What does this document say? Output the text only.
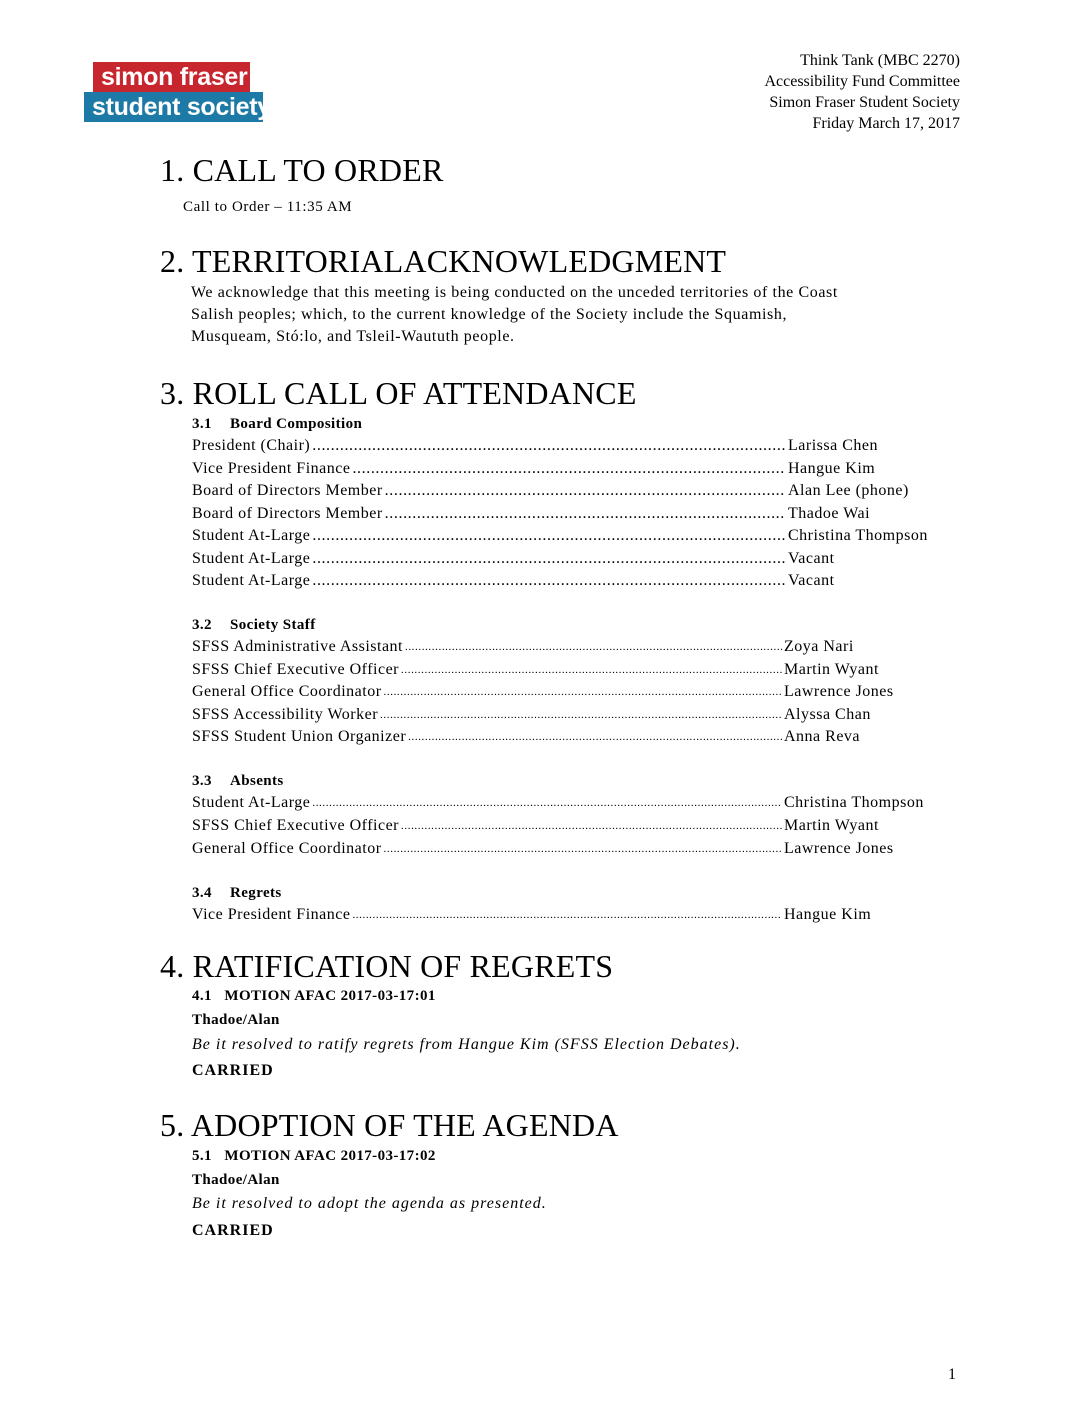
simon fraser
student society
Think Tank (MBC 2270)
Accessibility Fund Committee
Simon Fraser Student Society
Friday March 17, 2017
1. CALL TO ORDER
Call to Order – 11:35 AM
2. TERRITORIALACKNOWLEDGMENT
We acknowledge that this meeting is being conducted on the unceded territories of the Coast
Salish peoples; which, to the current knowledge of the Society include the Squamish,
Musqueam, Stó:lo, and Tsleil-Waututh people.
3. ROLL CALL OF ATTENDANCE
3.1 Board Composition
President (Chair) .....	Larissa Chen
Vice President Finance .....	Hangue Kim
Board of Directors Member .....	Alan Lee (phone)
Board of Directors Member .....	Thadoe Wai
Student At-Large .....	Christina Thompson
Student At-Large .....	Vacant
Student At-Large .....	Vacant
3.2 Society Staff
SFSS Administrative Assistant .....	Zoya Nari
SFSS Chief Executive Officer .....	Martin Wyant
General Office Coordinator .....	Lawrence Jones
SFSS Accessibility Worker .....	Alyssa Chan
SFSS Student Union Organizer .....	Anna Reva
3.3 Absents
Student At-Large .....	Christina Thompson
SFSS Chief Executive Officer .....	Martin Wyant
General Office Coordinator .....	Lawrence Jones
3.4 Regrets
Vice President Finance .....	Hangue Kim
4. RATIFICATION OF REGRETS
4.1   MOTION AFAC 2017-03-17:01
Thadoe/Alan
Be it resolved to ratify regrets from Hangue Kim (SFSS Election Debates).
CARRIED
5. ADOPTION OF THE AGENDA
5.1   MOTION AFAC 2017-03-17:02
Thadoe/Alan
Be it resolved to adopt the agenda as presented.
CARRIED
1
